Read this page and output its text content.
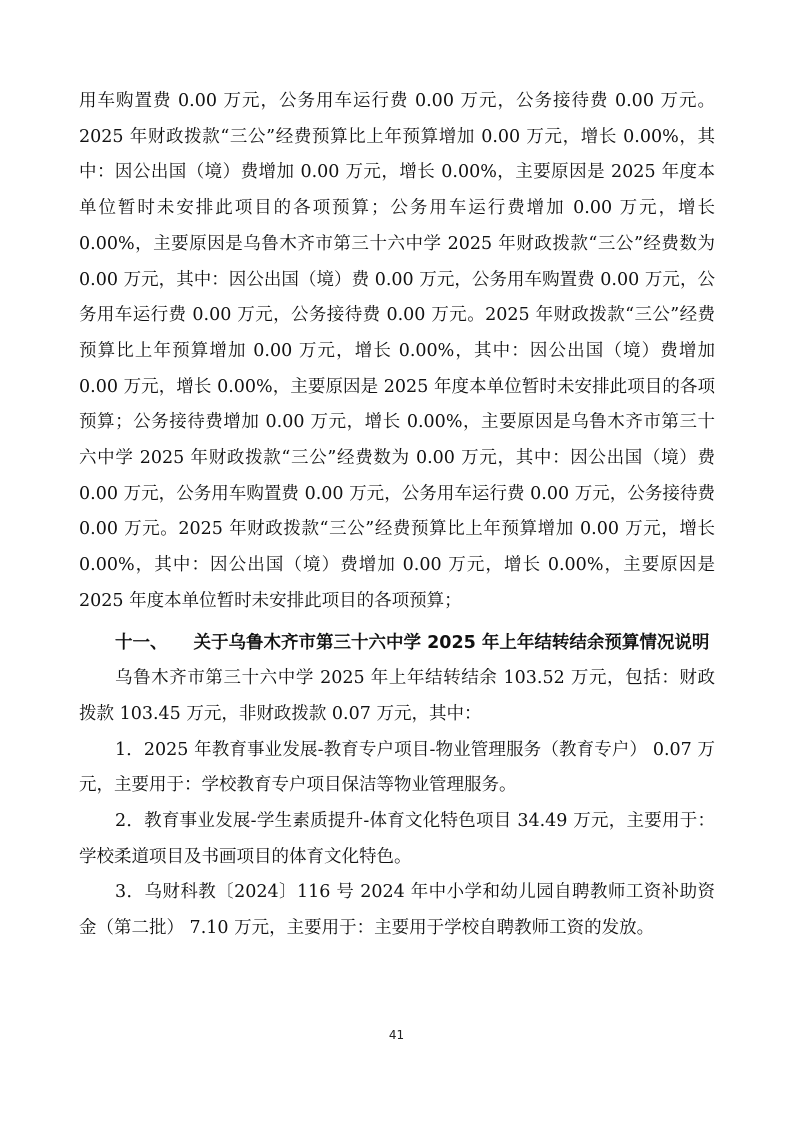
用车购置费 0.00 万元，公务用车运行费 0.00 万元，公务接待费 0.00 万元。2025 年财政拨款“三公”经费预算比上年预算增加 0.00 万元，增长 0.00%，其中：因公出国（境）费增加 0.00 万元，增长 0.00%，主要原因是 2025 年度本单位暂时未安排此项目的各项预算；公务用车运行费增加 0.00 万元，增长 0.00%，主要原因是乌鲁木齐市第三十六中学 2025 年财政拨款“三公”经费数为 0.00 万元，其中：因公出国（境）费 0.00 万元，公务用车购置费 0.00 万元，公务用车运行费 0.00 万元，公务接待费 0.00 万元。2025 年财政拨款“三公”经费预算比上年预算增加 0.00 万元，增长 0.00%，其中：因公出国（境）费增加 0.00 万元，增长 0.00%，主要原因是 2025 年度本单位暂时未安排此项目的各项预算；公务接待费增加 0.00 万元，增长 0.00%，主要原因是乌鲁木齐市第三十六中学 2025 年财政拨款“三公”经费数为 0.00 万元，其中：因公出国（境）费 0.00 万元，公务用车购置费 0.00 万元，公务用车运行费 0.00 万元，公务接待费 0.00 万元。2025 年财政拨款“三公”经费预算比上年预算增加 0.00 万元，增长 0.00%，其中：因公出国（境）费增加 0.00 万元，增长 0.00%，主要原因是 2025 年度本单位暂时未安排此项目的各项预算；

十一、 关于乌鲁木齐市第三十六中学 2025 年上年结转结余预算情况说明

乌鲁木齐市第三十六中学 2025 年上年结转结余 103.52 万元，包括：财政拨款 103.45 万元，非财政拨款 0.07 万元，其中：

1．2025 年教育事业发展-教育专户项目-物业管理服务（教育专户） 0.07 万元，主要用于：学校教育专户项目保洁等物业管理服务。

2．教育事业发展-学生素质提升-体育文化特色项目 34.49 万元，主要用于：学校柔道项目及书画项目的体育文化特色。

3．乌财科教〔2024〕116 号 2024 年中小学和幼儿园自聘教师工资补助资金（第二批） 7.10 万元，主要用于：主要用于学校自聘教师工资的发放。

41
